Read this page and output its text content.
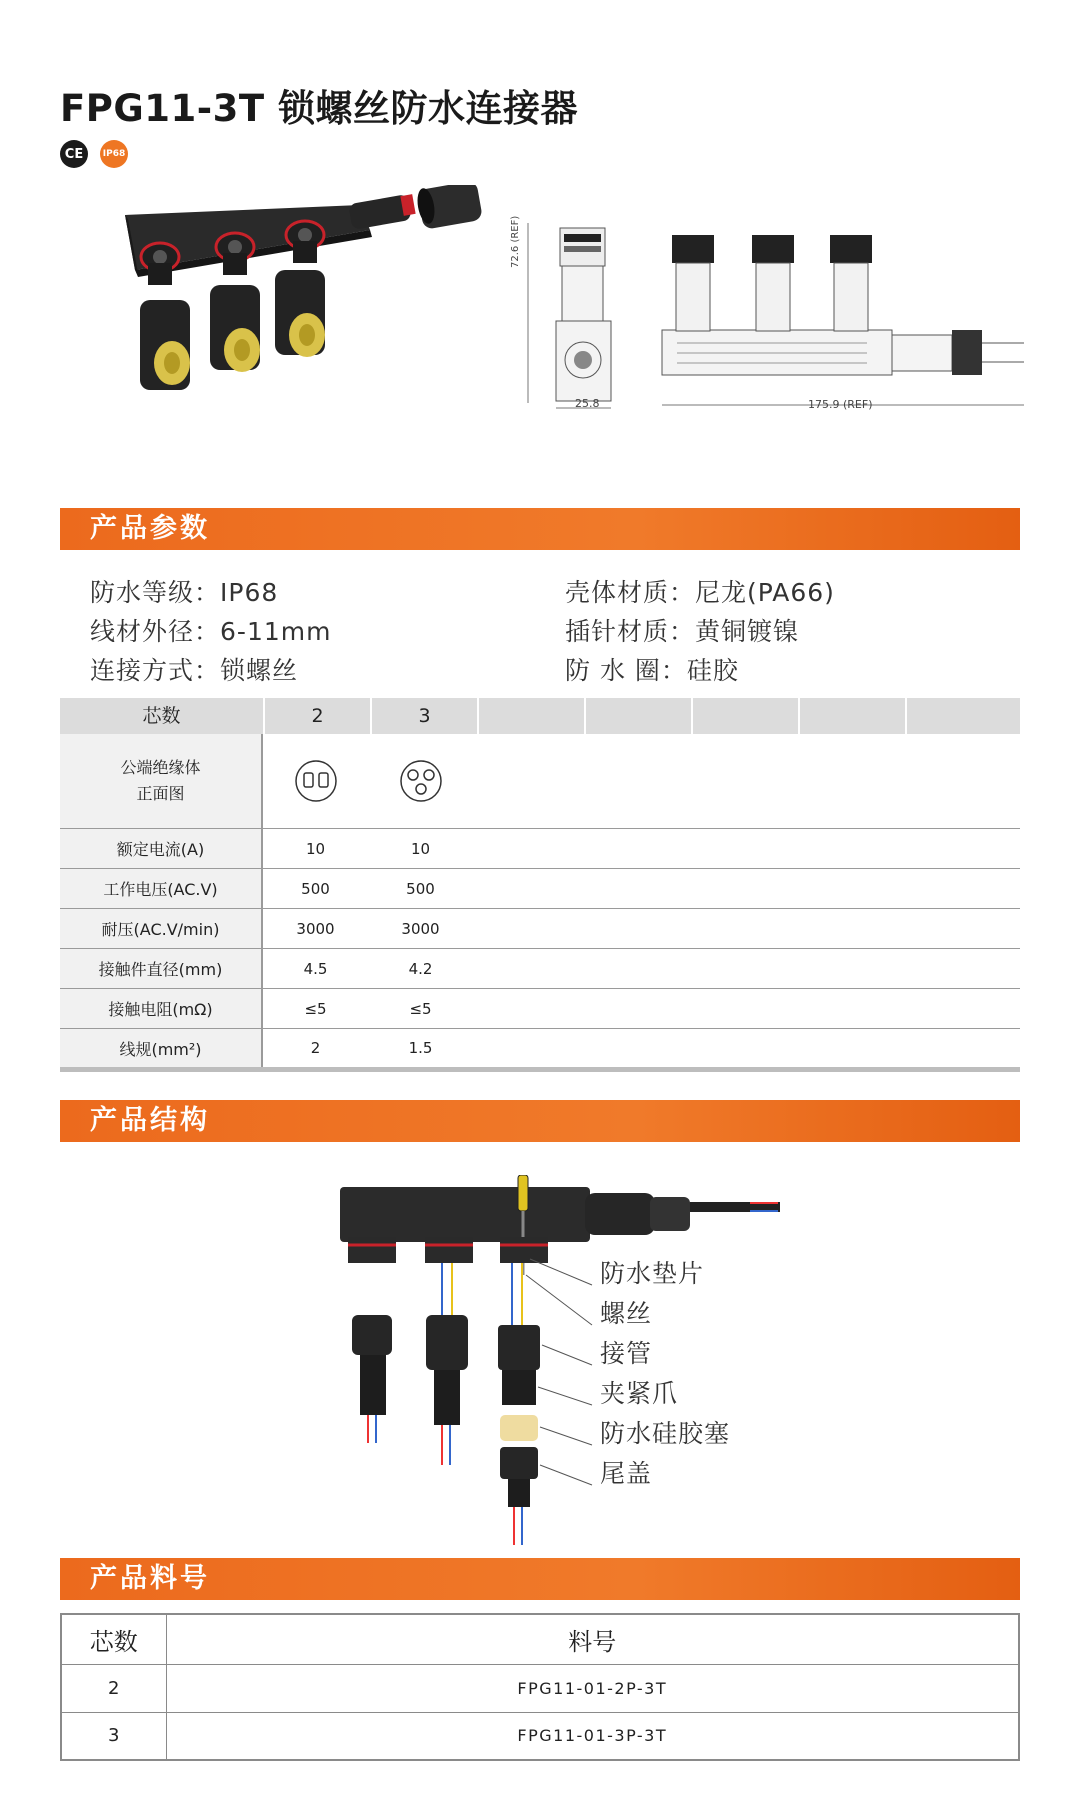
FPG11-3T 锁螺丝防水连接器
CE	IP68
72.6 (REF)
25.8	175.9 (REF)
产品参数
防水等级：IP68
线材外径：6-11mm
连接方式：锁螺丝
壳体材质：尼龙(PA66)
插针材质：黄铜镀镍
防 水 圈：硅胶
芯数	2	3
公端绝缘体
正面图
额定电流(A)	10	10
工作电压(AC.V)	500	500
耐压(AC.V/min)	3000	3000
接触件直径(mm)	4.5	4.2
接触电阻(mΩ)	≤5	≤5
线规(mm²)	2	1.5
产品结构
防水垫片
螺丝
接管
夹紧爪
防水硅胶塞
尾盖
产品料号
芯数	料号
2	FPG11-01-2P-3T
3	FPG11-01-3P-3T
